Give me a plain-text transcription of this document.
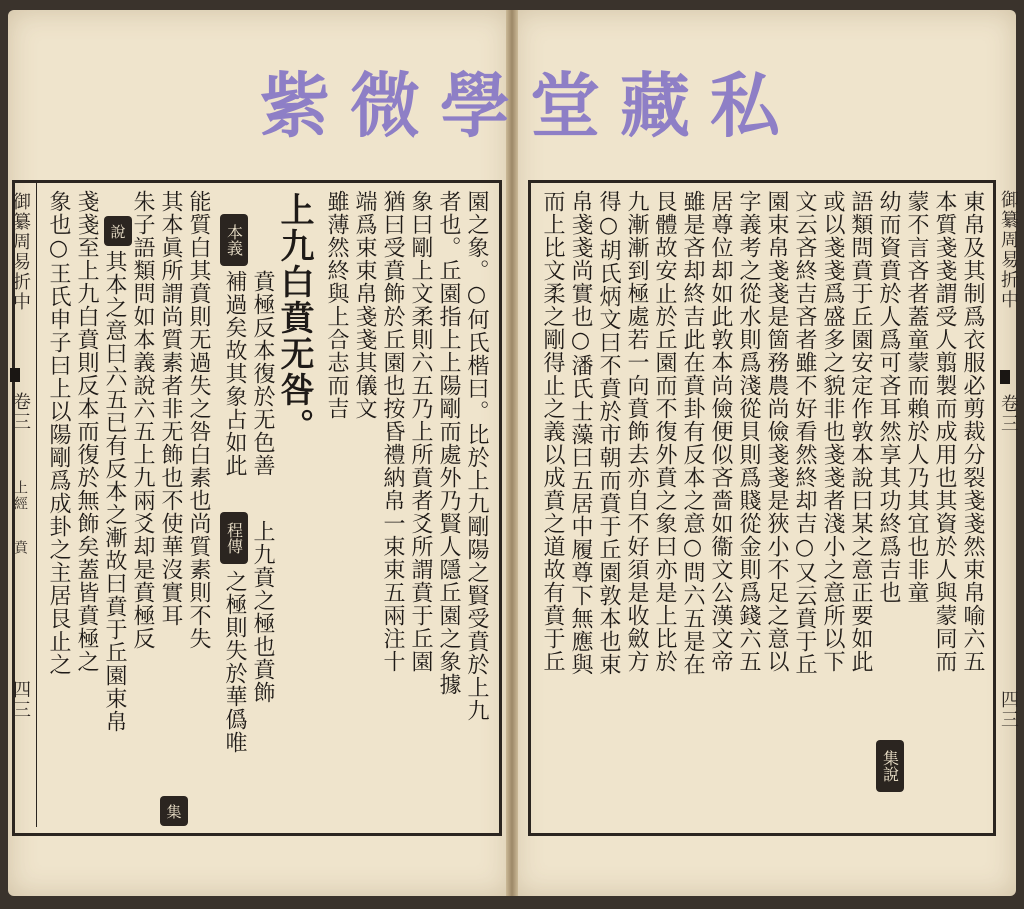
紫 微 學 堂 藏 私
御纂周易折中
卷三
上經
賁
四三
御纂周易折中
卷三
四三
園之象。○何氏楷曰。比於上九剛陽之賢受賁於上九
者也。丘園指上上陽剛而處外乃賢人隱丘園之象據
象曰剛上文柔則六五乃上所賁者爻所謂賁于丘園
猶曰受賁飾於丘園也按昏禮納帛一束束五兩注十
端爲束束帛戔戔其儀文
雖薄然終與上合志而吉
上九白賁无咎。
本義
賁極反本復於无色善
補過矣故其象占如此
程傳 上九賁之極也賁飾
之極則失於華僞唯
能質白其賁則无過失之咎白素也尚質素則不失
其本眞所謂尚質素者非无飾也不使華沒實耳
集
說 朱子語類問如本義說六五上九兩爻却是賁極反
其本之意曰六五已有反本之漸故曰賁于丘園束帛
戔戔至上九白賁則反本而復於無飾矣蓋皆賁極之
象也○王氏申子曰上以陽剛爲成卦之主居艮止之	東帛及其制爲衣服必剪裁分裂戔戔然束帛喻六五
本質戔戔謂受人翦製而成用也其資於人與蒙同而
蒙不言吝者蓋童蒙而賴於人乃其宜也非童
幼而資賁於人爲可吝耳然享其功終爲吉也
集說
語類問賁于丘園安定作敦本說曰某之意正要如此
或以戔戔爲盛多之貌非也戔戔者淺小之意所以下
文云吝終吉吝者雖不好看然終却吉○又云賁于丘
園束帛戔戔是箇務農尚儉戔戔是狹小不足之意以
字義考之從水則爲淺從貝則爲賤從金則爲錢六五
居尊位却如此敦本尚儉便似吝嗇如衞文公漢文帝
雖是吝却終吉此在賁卦有反本之意○問六五是在
艮體故安止於丘園而不復外賁之象曰亦是上比於
九漸漸到極處若一向賁飾去亦自不好須是收斂方
得○胡氏炳文曰不賁於市朝而賁于丘園敦本也束
帛戔戔尚實也○潘氏士藻曰五居中履尊下無應與
而上比文柔之剛得止之義以成賁之道故有賁于丘
